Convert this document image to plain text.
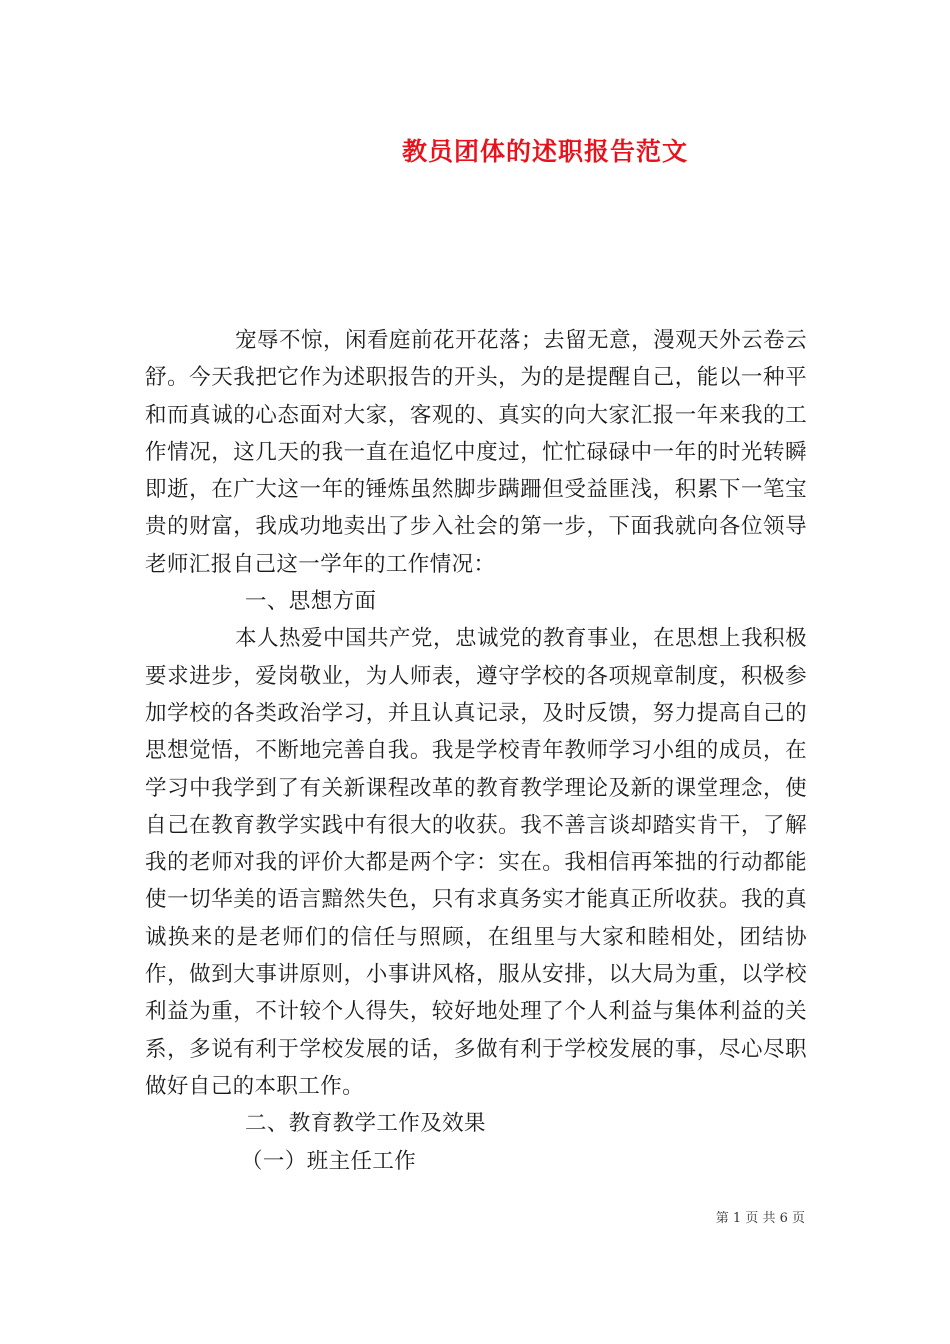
教员团体的述职报告范文

宠辱不惊，闲看庭前花开花落；去留无意，漫观天外云卷云舒。今天我把它作为述职报告的开头，为的是提醒自己，能以一种平和而真诚的心态面对大家，客观的、真实的向大家汇报一年来我的工作情况，这几天的我一直在追忆中度过，忙忙碌碌中一年的时光转瞬即逝，在广大这一年的锤炼虽然脚步蹒跚但受益匪浅，积累下一笔宝贵的财富，我成功地卖出了步入社会的第一步，下面我就向各位领导老师汇报自己这一学年的工作情况：

一、思想方面

本人热爱中国共产党，忠诚党的教育事业，在思想上我积极要求进步，爱岗敬业，为人师表，遵守学校的各项规章制度，积极参加学校的各类政治学习，并且认真记录，及时反馈，努力提高自己的思想觉悟，不断地完善自我。我是学校青年教师学习小组的成员，在学习中我学到了有关新课程改革的教育教学理论及新的课堂理念，使自己在教育教学实践中有很大的收获。我不善言谈却踏实肯干，了解我的老师对我的评价大都是两个字：实在。我相信再笨拙的行动都能使一切华美的语言黯然失色，只有求真务实才能真正所收获。我的真诚换来的是老师们的信任与照顾，在组里与大家和睦相处，团结协作，做到大事讲原则，小事讲风格，服从安排，以大局为重，以学校利益为重，不计较个人得失，较好地处理了个人利益与集体利益的关系，多说有利于学校发展的话，多做有利于学校发展的事，尽心尽职做好自己的本职工作。

二、教育教学工作及效果

（一）班主任工作

第 1 页 共 6 页
